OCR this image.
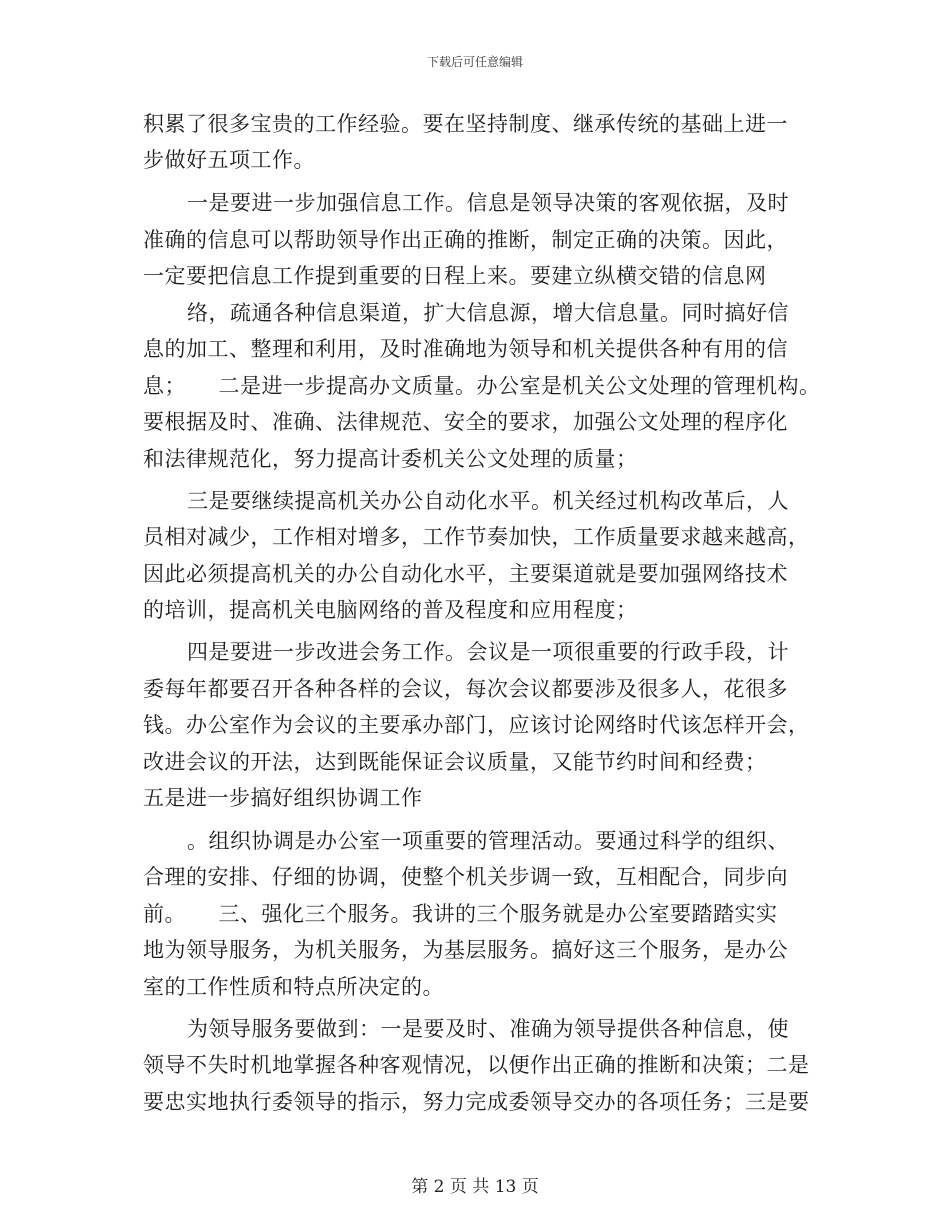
下载后可任意编辑
积累了很多宝贵的工作经验。要在坚持制度、继承传统的基础上进一
步做好五项工作。
一是要进一步加强信息工作。信息是领导决策的客观依据，及时
准确的信息可以帮助领导作出正确的推断，制定正确的决策。因此，
一定要把信息工作提到重要的日程上来。要建立纵横交错的信息网
络，疏通各种信息渠道，扩大信息源，增大信息量。同时搞好信
息的加工、整理和利用，及时准确地为领导和机关提供各种有用的信
息；　　二是进一步提高办文质量。办公室是机关公文处理的管理机构。
要根据及时、准确、法律规范、安全的要求，加强公文处理的程序化
和法律规范化，努力提高计委机关公文处理的质量；
三是要继续提高机关办公自动化水平。机关经过机构改革后，人
员相对减少，工作相对增多，工作节奏加快，工作质量要求越来越高，
因此必须提高机关的办公自动化水平，主要渠道就是要加强网络技术
的培训，提高机关电脑网络的普及程度和应用程度；
四是要进一步改进会务工作。会议是一项很重要的行政手段，计
委每年都要召开各种各样的会议，每次会议都要涉及很多人，花很多
钱。办公室作为会议的主要承办部门，应该讨论网络时代该怎样开会，
改进会议的开法，达到既能保证会议质量，又能节约时间和经费；
五是进一步搞好组织协调工作
。组织协调是办公室一项重要的管理活动。要通过科学的组织、
合理的安排、仔细的协调，使整个机关步调一致，互相配合，同步向
前。　　三、强化三个服务。我讲的三个服务就是办公室要踏踏实实
地为领导服务，为机关服务，为基层服务。搞好这三个服务，是办公
室的工作性质和特点所决定的。
为领导服务要做到：一是要及时、准确为领导提供各种信息，使
领导不失时机地掌握各种客观情况，以便作出正确的推断和决策；二是
要忠实地执行委领导的指示，努力完成委领导交办的各项任务；三是要
第 2 页 共 13 页
